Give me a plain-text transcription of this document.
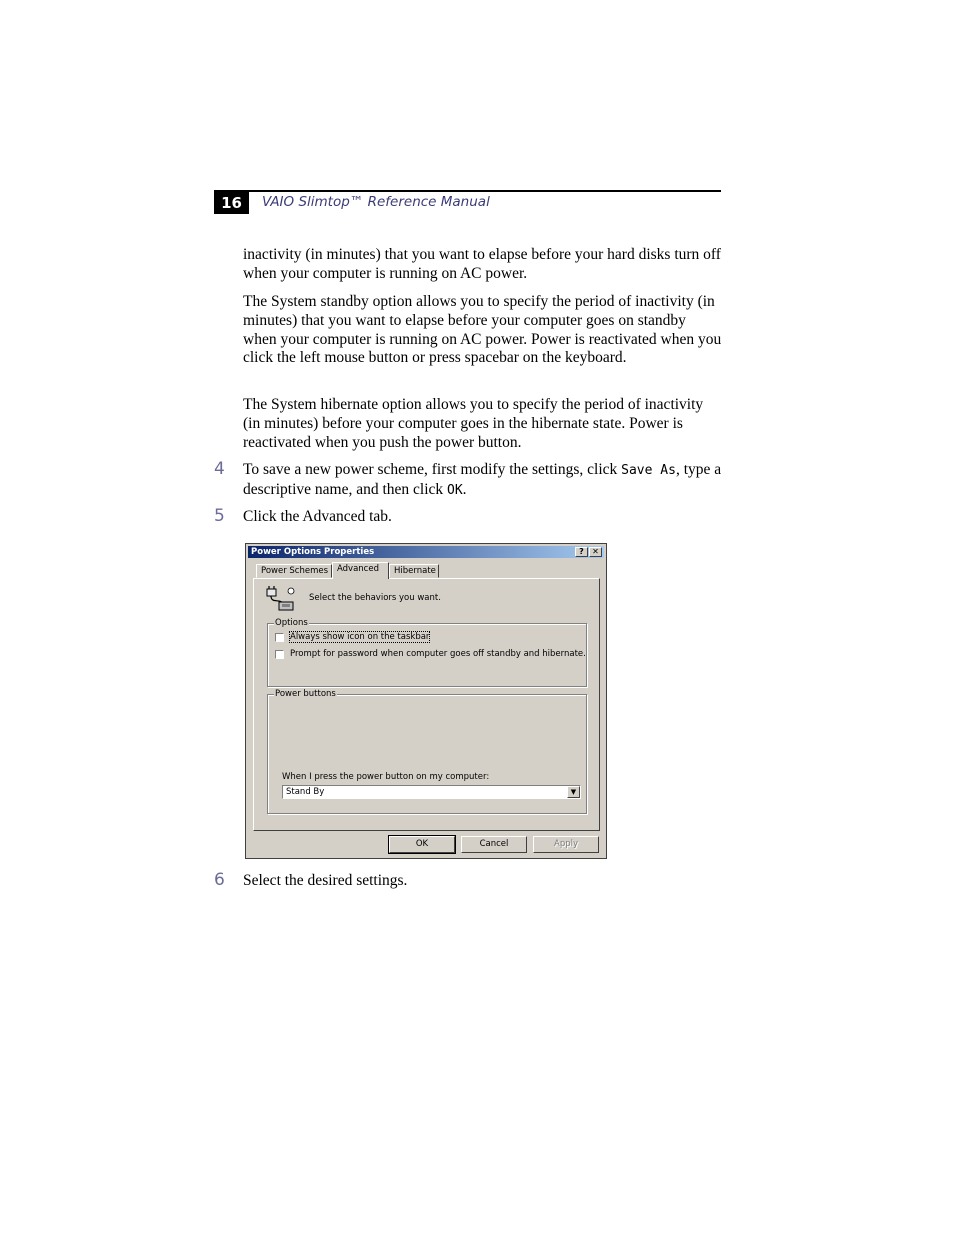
16	VAIO Slimtop™ Reference Manual

inactivity (in minutes) that you want to elapse before your hard disks turn off when your computer is running on AC power.

The System standby option allows you to specify the period of inactivity (in minutes) that you want to elapse before your computer goes on standby when your computer is running on AC power. Power is reactivated when you click the left mouse button or press spacebar on the keyboard.

The System hibernate option allows you to specify the period of inactivity (in minutes) before your computer goes in the hibernate state. Power is reactivated when you push the power button.

4 To save a new power scheme, first modify the settings, click Save As, type a descriptive name, and then click OK.

5 Click the Advanced tab.

Power Options Properties	?	✕
Power Schemes	Advanced	Hibernate
Select the behaviors you want.
Options
Always show icon on the taskbar
Prompt for password when computer goes off standby and hibernate.
Power buttons
When I press the power button on my computer:
Stand By	▼
OK	Cancel	Apply
6 Select the desired settings.
